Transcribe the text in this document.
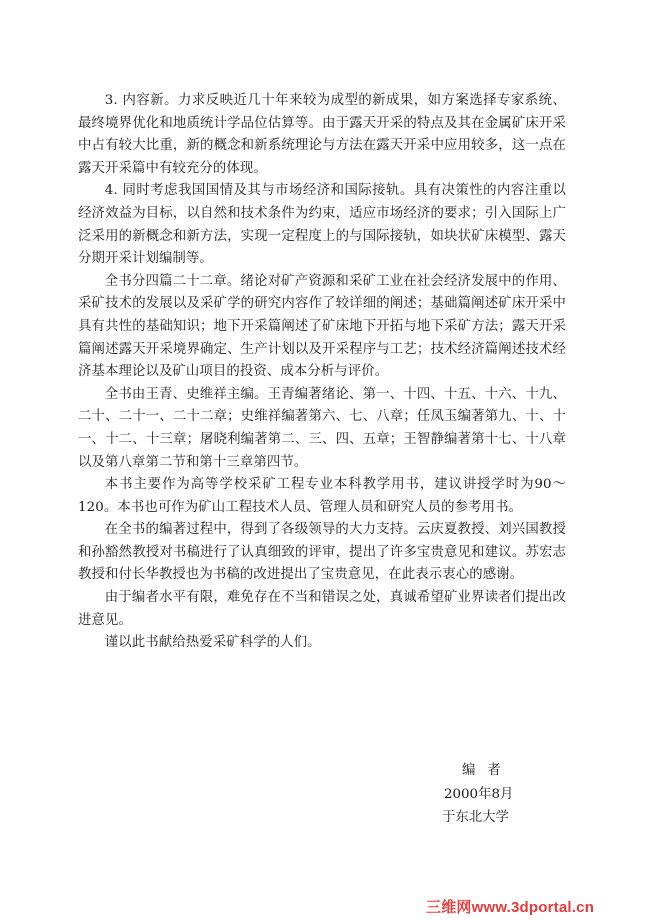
3. 内容新。力求反映近几十年来较为成型的新成果，如方案选择专家系统、最终境界优化和地质统计学品位估算等。由于露天开采的特点及其在金属矿床开采中占有较大比重，新的概念和新系统理论与方法在露天开采中应用较多，这一点在露天开采篇中有较充分的体现。

4. 同时考虑我国国情及其与市场经济和国际接轨。具有决策性的内容注重以经济效益为目标，以自然和技术条件为约束，适应市场经济的要求；引入国际上广泛采用的新概念和新方法，实现一定程度上的与国际接轨，如块状矿床模型、露天分期开采计划编制等。

全书分四篇二十二章。绪论对矿产资源和采矿工业在社会经济发展中的作用、采矿技术的发展以及采矿学的研究内容作了较详细的阐述；基础篇阐述矿床开采中具有共性的基础知识；地下开采篇阐述了矿床地下开拓与地下采矿方法；露天开采篇阐述露天开采境界确定、生产计划以及开采程序与工艺；技术经济篇阐述技术经济基本理论以及矿山项目的投资、成本分析与评价。

全书由王青、史维祥主编。王青编著绪论、第一、十四、十五、十六、十九、二十、二十一、二十二章；史维祥编著第六、七、八章；任凤玉编著第九、十、十一、十二、十三章；屠晓利编著第二、三、四、五章；王智静编著第十七、十八章以及第八章第二节和第十三章第四节。

本书主要作为高等学校采矿工程专业本科教学用书，建议讲授学时为90～120。本书也可作为矿山工程技术人员、管理人员和研究人员的参考用书。

在全书的编著过程中，得到了各级领导的大力支持。云庆夏教授、刘兴国教授和孙豁然教授对书稿进行了认真细致的评审，提出了许多宝贵意见和建议。苏宏志教授和付长华教授也为书稿的改进提出了宝贵意见，在此表示衷心的感谢。

由于编者水平有限，难免存在不当和错误之处，真诚希望矿业界读者们提出改进意见。

谨以此书献给热爱采矿科学的人们。

编者
2000年8月
于东北大学
三维网www.3dportal.cn
